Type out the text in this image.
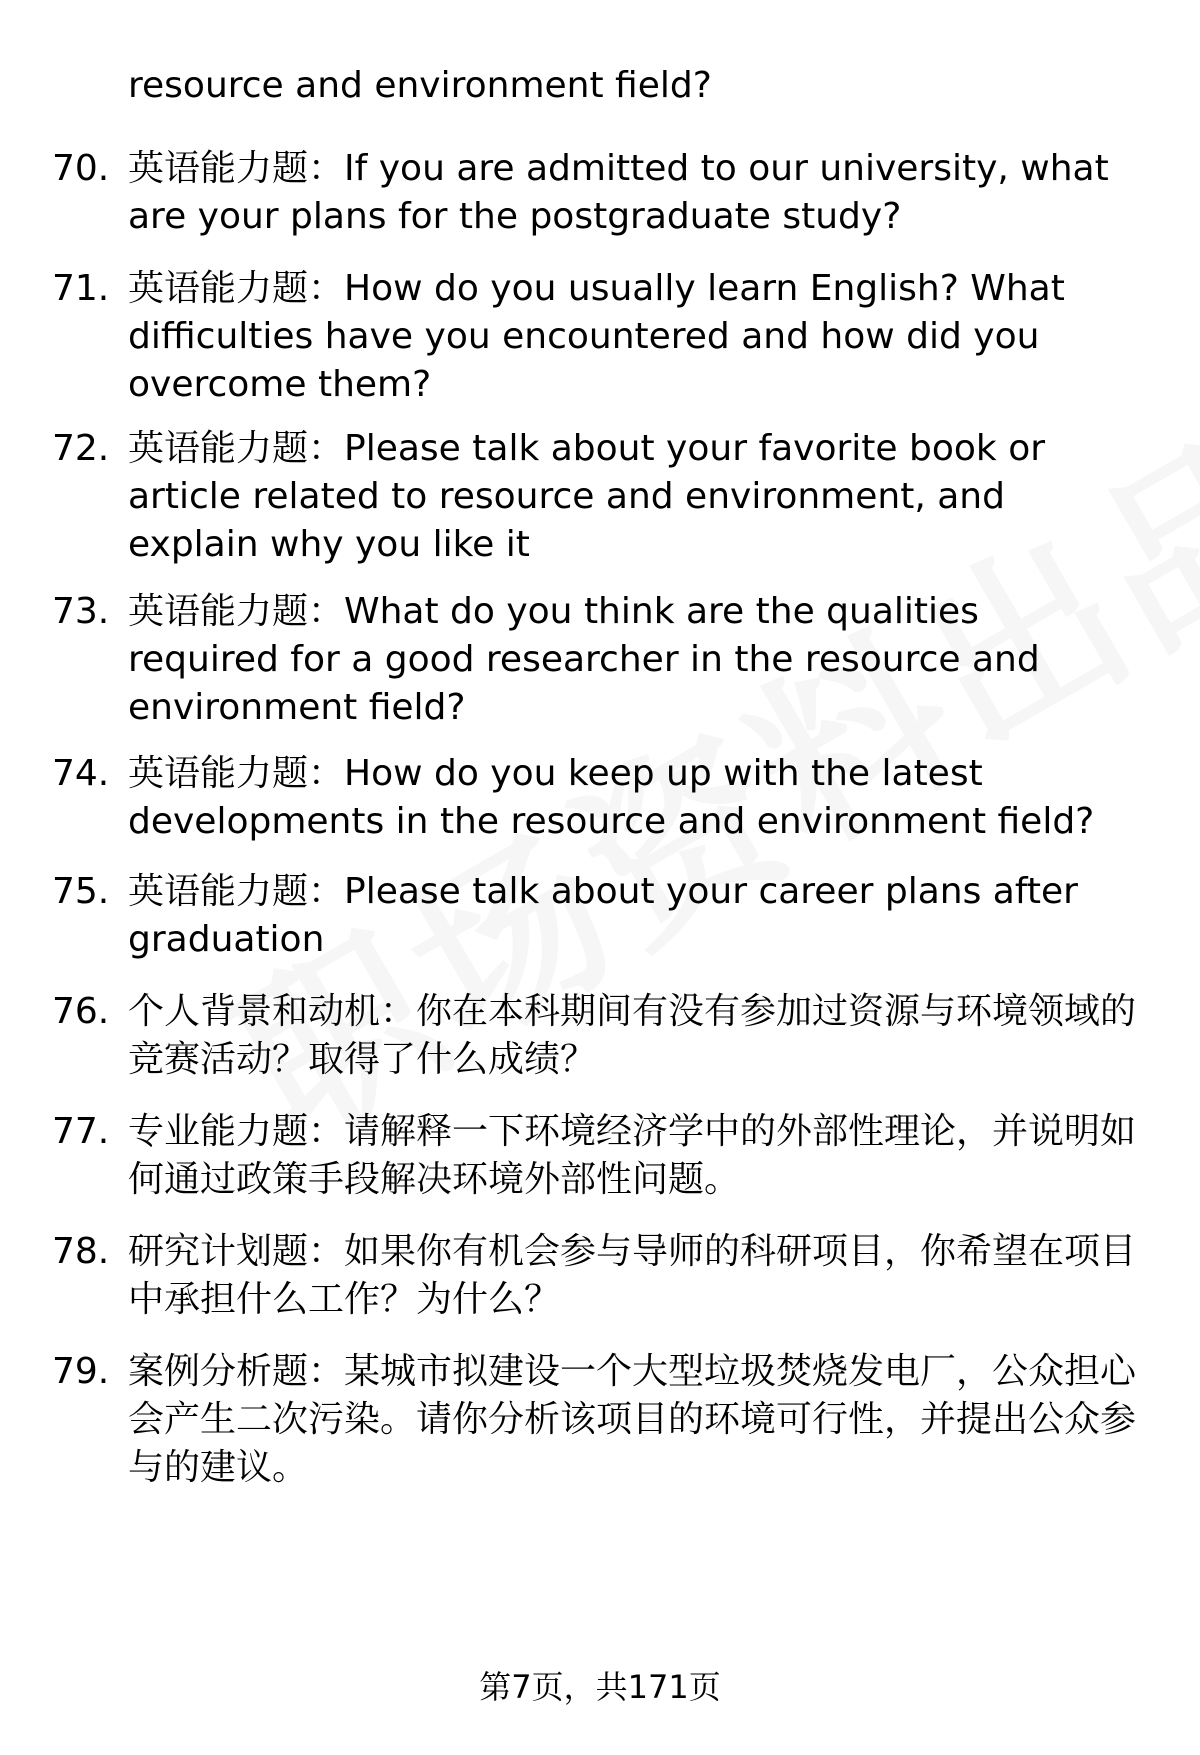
resource and environment field?
70. 英语能力题：If you are admitted to our university, what are your plans for the postgraduate study?
71. 英语能力题：How do you usually learn English? What difficulties have you encountered and how did you overcome them?
72. 英语能力题：Please talk about your favorite book or article related to resource and environment, and explain why you like it
73. 英语能力题：What do you think are the qualities required for a good researcher in the resource and environment field?
74. 英语能力题：How do you keep up with the latest developments in the resource and environment field?
75. 英语能力题：Please talk about your career plans after graduation
76. 个人背景和动机：你在本科期间有没有参加过资源与环境领域的竞赛活动？取得了什么成绩？
77. 专业能力题：请解释一下环境经济学中的外部性理论，并说明如何通过政策手段解决环境外部性问题。
78. 研究计划题：如果你有机会参与导师的科研项目，你希望在项目中承担什么工作？为什么？
79. 案例分析题：某城市拟建设一个大型垃圾焚烧发电厂，公众担心会产生二次污染。请你分析该项目的环境可行性，并提出公众参与的建议。
第7页，共171页
